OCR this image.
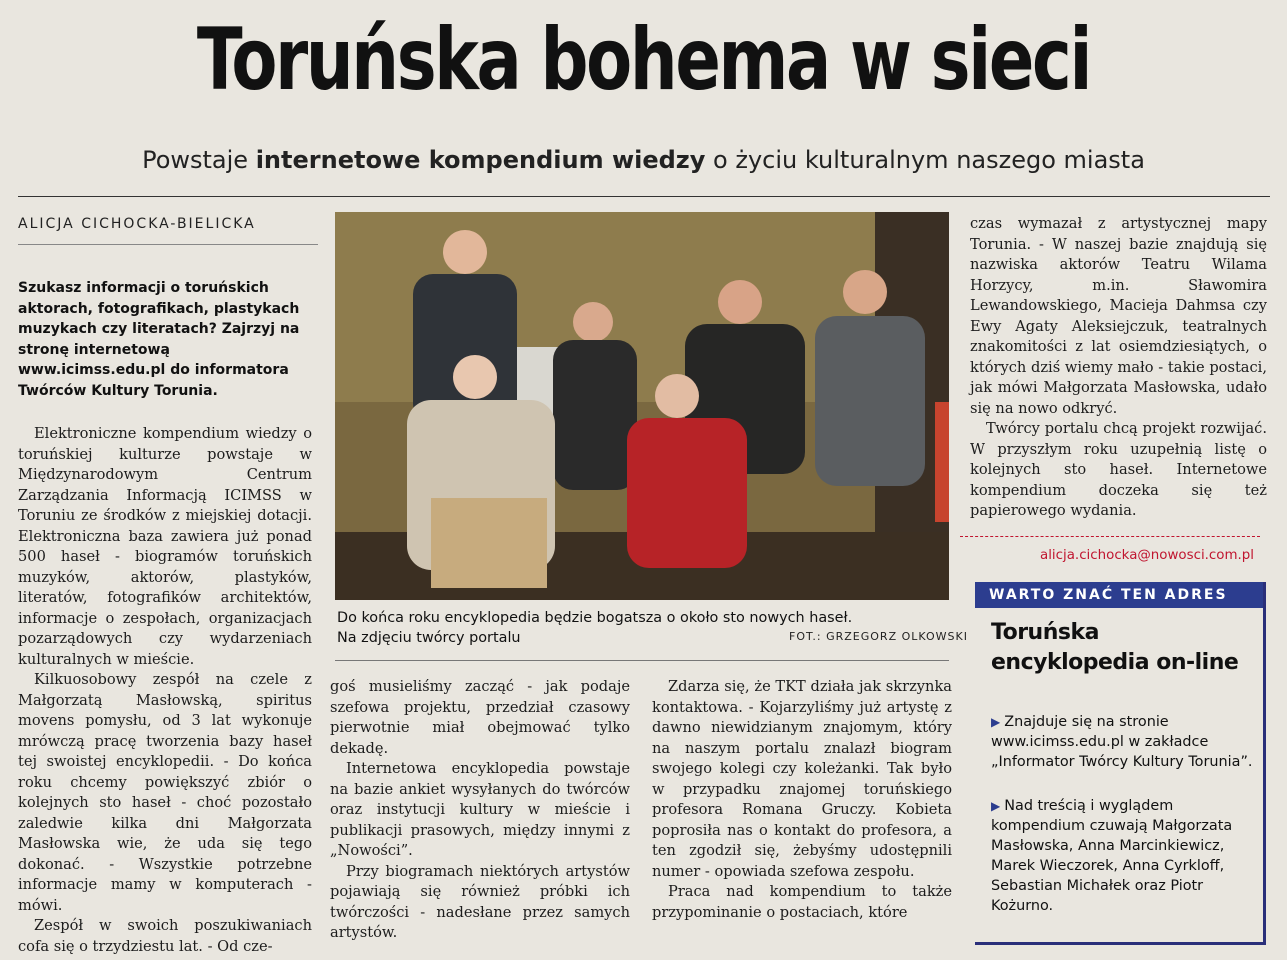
Toruńska bohema w sieci
Powstaje internetowe kompendium wiedzy o życiu kulturalnym naszego miasta
ALICJA CICHOCKA-BIELICKA
Szukasz informacji o toruńskich aktorach, fotografikach, plastykach muzykach czy literatach? Zajrzyj na stronę internetową www.icimss.edu.pl do informatora Twórców Kultury Torunia.

Elektroniczne kompendium wiedzy o toruńskiej kulturze powstaje w Międzynarodowym Centrum Zarządzania Informacją ICIMSS w Toruniu ze środków z miejskiej dotacji. Elektroniczna baza zawiera już ponad 500 haseł - biogramów toruńskich muzyków, aktorów, plastyków, literatów, fotografików architektów, informacje o zespołach, organizacjach pozarządowych czy wydarzeniach kulturalnych w mieście.

Kilkuosobowy zespół na czele z Małgorzatą Masłowską, spiritus movens pomysłu, od 3 lat wykonuje mrówczą pracę tworzenia bazy haseł tej swoistej encyklopedii. - Do końca roku chcemy powiększyć zbiór o kolejnych sto haseł - choć pozostało zaledwie kilka dni Małgorzata Masłowska wie, że uda się tego dokonać. - Wszystkie potrzebne informacje mamy w komputerach - mówi.

Zespół w swoich poszukiwaniach cofa się o trzydziestu lat. - Od cze-

Do końca roku encyklopedia będzie bogatsza o około sto nowych haseł.
Na zdjęciu twórcy portalu	FOT.: GRZEGORZ OLKOWSKI

goś musieliśmy zacząć - jak podaje szefowa projektu, przedział czasowy pierwotnie miał obejmować tylko dekadę.

Internetowa encyklopedia powstaje na bazie ankiet wysyłanych do twórców oraz instytucji kultury w mieście i publikacji prasowych, między innymi z „Nowości”.

Przy biogramach niektórych artystów pojawiają się również próbki ich twórczości - nadesłane przez samych artystów.

Zdarza się, że TKT działa jak skrzynka kontaktowa. - Kojarzyliśmy już artystę z dawno niewidzianym znajomym, który na naszym portalu znalazł biogram swojego kolegi czy koleżanki. Tak było w przypadku znajomej toruńskiego profesora Romana Gruczy. Kobieta poprosiła nas o kontakt do profesora, a ten zgodził się, żebyśmy udostępnili numer - opowiada szefowa zespołu.

Praca nad kompendium to także przypominanie o postaciach, które

czas wymazał z artystycznej mapy Torunia. - W naszej bazie znajdują się nazwiska aktorów Teatru Wilama Horzycy, m.in. Sławomira Lewandowskiego, Macieja Dahmsa czy Ewy Agaty Aleksiejczuk, teatralnych znakomitości z lat osiemdziesiątych, o których dziś wiemy mało - takie postaci, jak mówi Małgorzata Masłowska, udało się na nowo odkryć.

Twórcy portalu chcą projekt rozwijać. W przyszłym roku uzupełnią listę o kolejnych sto haseł. Internetowe kompendium doczeka się też papierowego wydania.

alicja.cichocka@nowosci.com.pl
WARTO ZNAĆ TEN ADRES
Toruńska encyklopedia on-line
▶ Znajduje się na stronie www.icimss.edu.pl w zakładce „Informator Twórcy Kultury Torunia”.
▶ Nad treścią i wyglądem kompendium czuwają Małgorzata Masłowska, Anna Marcinkiewicz, Marek Wieczorek, Anna Cyrkloff, Sebastian Michałek oraz Piotr Kożurno.
